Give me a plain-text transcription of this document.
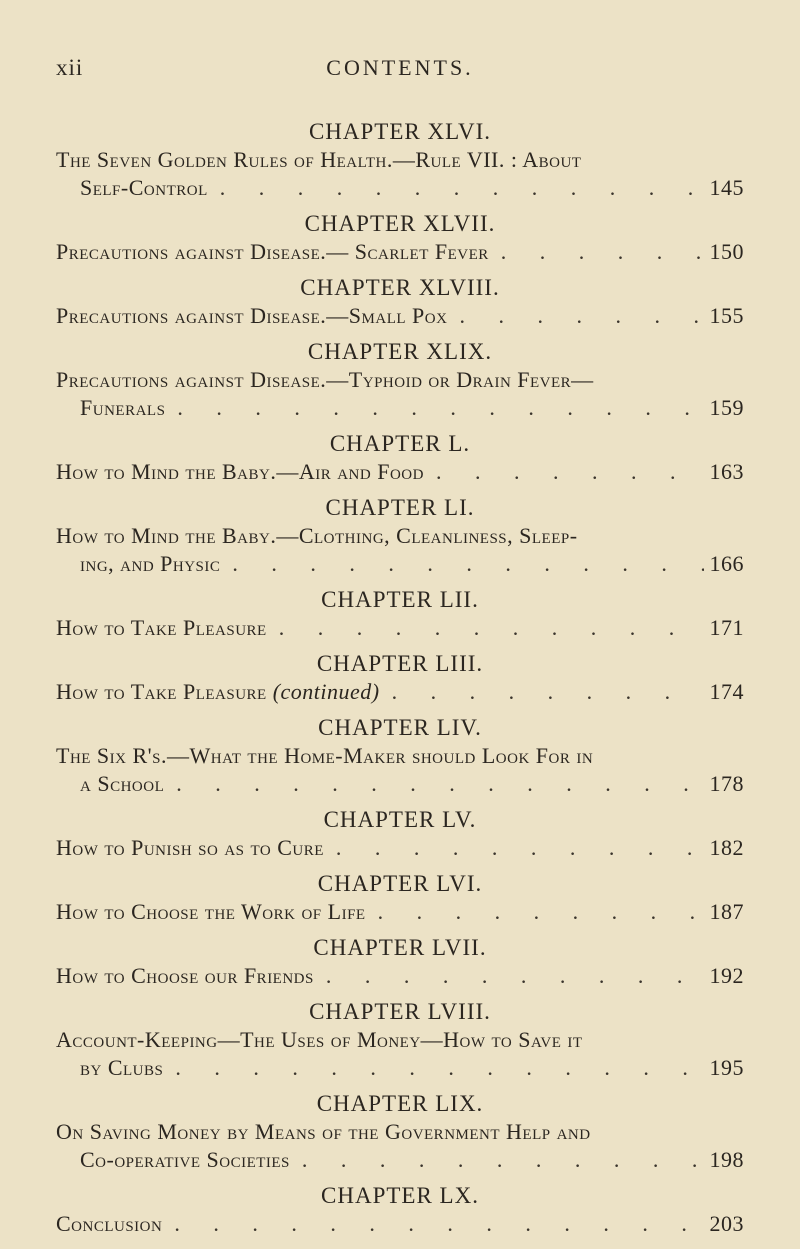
xii	CONTENTS.
CHAPTER XLVI.
The Seven Golden Rules of Health.—Rule VII. : About
Self-Control . . .	145
CHAPTER XLVII.
Precautions against Disease.— Scarlet Fever . . .	150
CHAPTER XLVIII.
Precautions against Disease.—Small Pox . . .	155
CHAPTER XLIX.
Precautions against Disease.—Typhoid or Drain Fever—
Funerals . . .	159
CHAPTER L.
How to Mind the Baby.—Air and Food . . .	163
CHAPTER LI.
How to Mind the Baby.—Clothing, Cleanliness, Sleep-
ing, and Physic . . .	166
CHAPTER LII.
How to Take Pleasure . . .	171
CHAPTER LIII.
How to Take Pleasure (continued) . . .	174
CHAPTER LIV.
The Six R's.—What the Home-Maker should Look For in
a School . . .	178
CHAPTER LV.
How to Punish so as to Cure . . .	182
CHAPTER LVI.
How to Choose the Work of Life . . .	187
CHAPTER LVII.
How to Choose our Friends . . .	192
CHAPTER LVIII.
Account-Keeping—The Uses of Money—How to Save it
by Clubs . . .	195
CHAPTER LIX.
On Saving Money by Means of the Government Help and
Co-operative Societies . . .	198
CHAPTER LX.
Conclusion . . .	203
